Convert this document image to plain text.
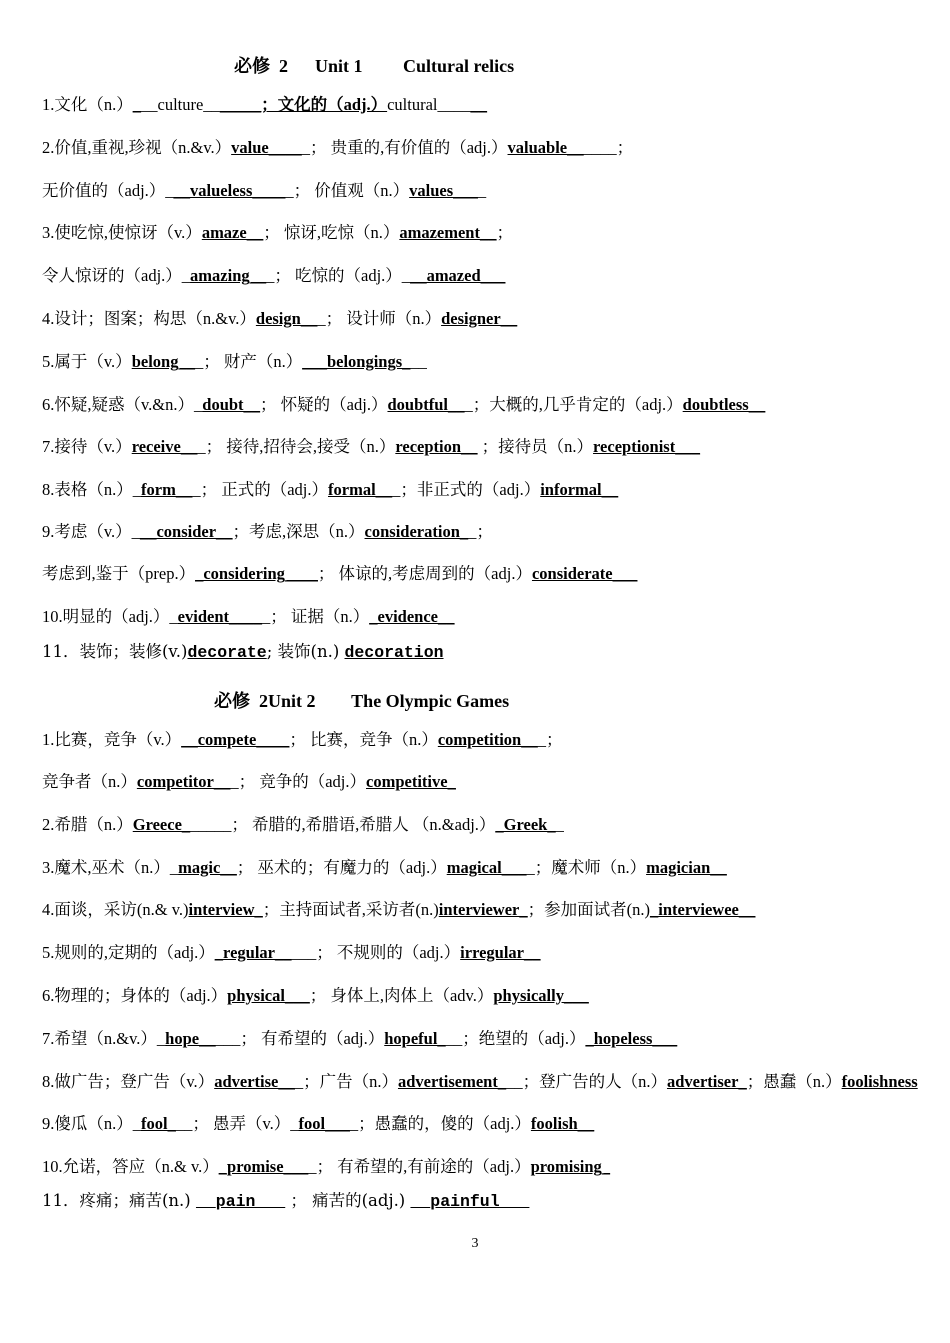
必修  2      Unit 1         Cultural relics
1.文化（n.）___culture_______；文化的（adj.）cultural______
2.价值,重视,珍视（n.&v.）value_____； 贵重的,有价值的（adj.）valuable______；
无价值的（adj.）___valueless_____； 价值观（n.）values____
3.使吃惊,使惊讶（v.）amaze__； 惊讶,吃惊（n.）amazement__；
令人惊讶的（adj.）_amazing___； 吃惊的（adj.）___amazed___
4.设计；图案；构思（n.&v.）design___； 设计师（n.）designer__
5.属于（v.）belong___； 财产（n.）___belongings___
6.怀疑,疑惑（v.&n.）_doubt__； 怀疑的（adj.）doubtful___；大概的,几乎肯定的（adj.）doubtless__
7.接待（v.）receive___； 接待,招待会,接受（n.）reception__ ；接待员（n.）receptionist___
8.表格（n.）_form___； 正式的（adj.）formal___；非正式的（adj.）informal__
9.考虑（v.）___consider__；考虑,深思（n.）consideration__；
考虑到,鉴于（prep.）_considering____； 体谅的,考虑周到的（adj.）considerate___
10.明显的（adj.）_evident_____； 证据（n.）_evidence__
11．装饰；装修(v.)decorate; 装饰(n.) decoration
必修  2Unit 2        The Olympic Games
1.比赛，竞争（v.）__compete____； 比赛，竞争（n.）competition___；
竞争者（n.）competitor___； 竞争的（adj.）competitive_
2.希腊（n.）Greece______； 希腊的,希腊语,希腊人 （n.&adj.）_Greek__
3.魔术,巫术（n.）_magic__； 巫术的；有魔力的（adj.）magical____；魔术师（n.）magician__
4.面谈，采访(n.& v.)interview_；主持面试者,采访者(n.)interviewer_；参加面试者(n.)_interviewee__
5.规则的,定期的（adj.）_regular_____； 不规则的（adj.）irregular__
6.物理的；身体的（adj.）physical___； 身体上,肉体上（adv.）physically___
7.希望（n.&v.）_hope_____； 有希望的（adj.）hopeful___；绝望的（adj.）_hopeless___
8.做广告；登广告（v.）advertise___；广告（n.）advertisement___；登广告的人（n.）advertiser_；愚蠢（n.）foolishness
9.傻瓜（n.）_fool___； 愚弄（v.）_fool____；愚蠢的，傻的（adj.）foolish__
10.允诺，答应（n.& v.）_promise____； 有希望的,有前途的（adj.）promising_
11．疼痛；痛苦(n.) __pain___ ； 痛苦的(adj.) __painful___
3
